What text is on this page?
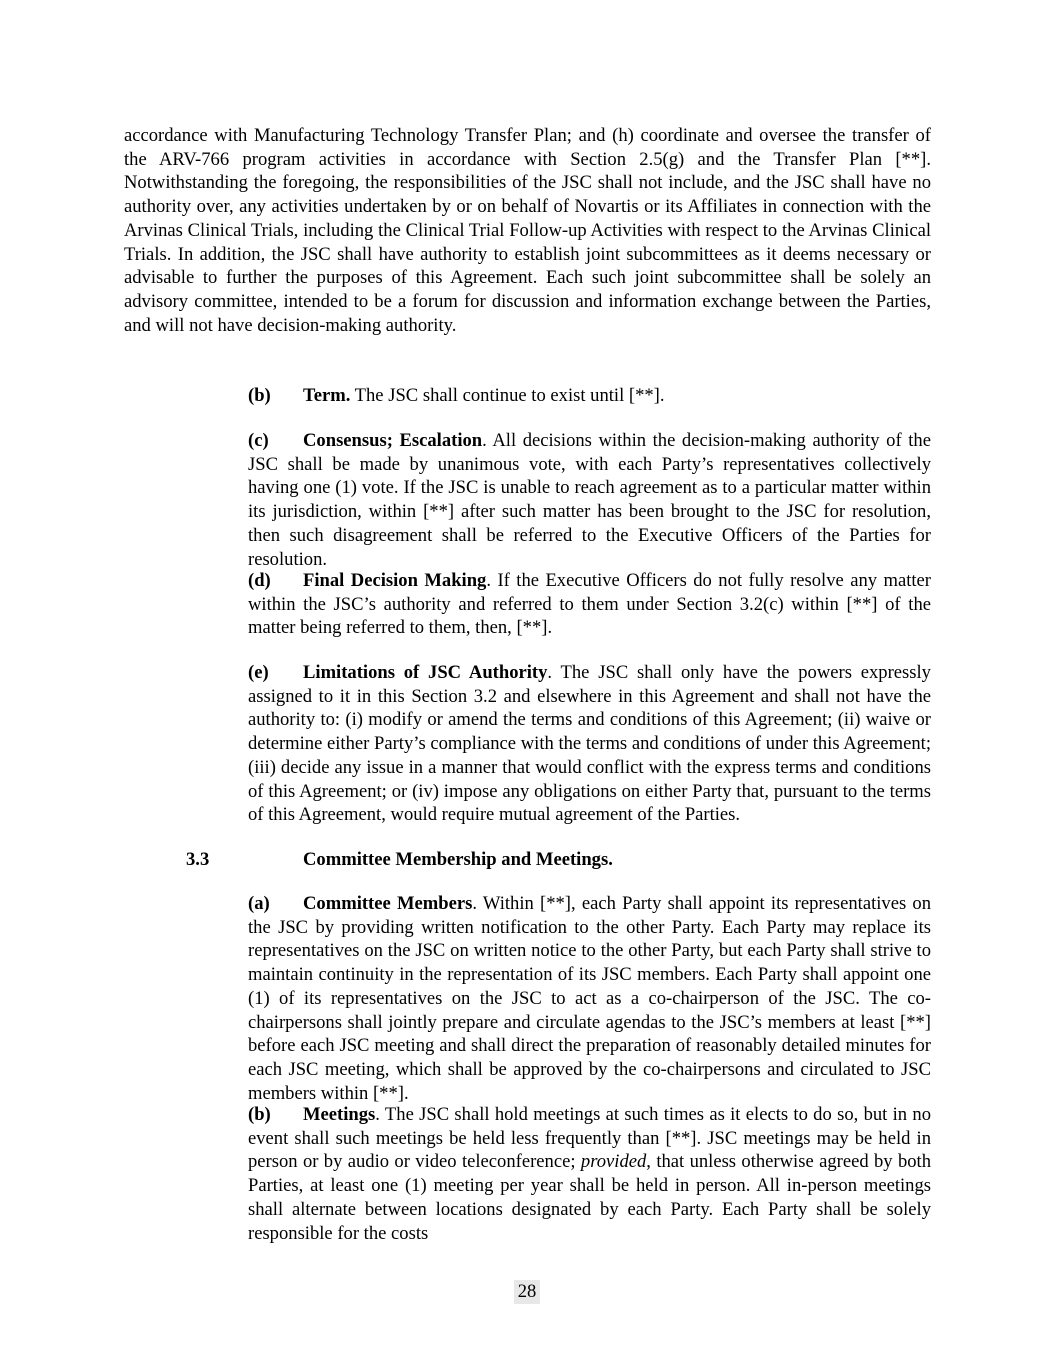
accordance with Manufacturing Technology Transfer Plan; and (h) coordinate and oversee the transfer of the ARV-766 program activities in accordance with Section 2.5(g) and the Transfer Plan [**]. Notwithstanding the foregoing, the responsibilities of the JSC shall not include, and the JSC shall have no authority over, any activities undertaken by or on behalf of Novartis or its Affiliates in connection with the Arvinas Clinical Trials, including the Clinical Trial Follow-up Activities with respect to the Arvinas Clinical Trials. In addition, the JSC shall have authority to establish joint subcommittees as it deems necessary or advisable to further the purposes of this Agreement. Each such joint subcommittee shall be solely an advisory committee, intended to be a forum for discussion and information exchange between the Parties, and will not have decision-making authority.

(b) Term. The JSC shall continue to exist until [**].

(c) Consensus; Escalation. All decisions within the decision-making authority of the JSC shall be made by unanimous vote, with each Party’s representatives collectively having one (1) vote. If the JSC is unable to reach agreement as to a particular matter within its jurisdiction, within [**] after such matter has been brought to the JSC for resolution, then such disagreement shall be referred to the Executive Officers of the Parties for resolution.

(d) Final Decision Making. If the Executive Officers do not fully resolve any matter within the JSC’s authority and referred to them under Section 3.2(c) within [**] of the matter being referred to them, then, [**].

(e) Limitations of JSC Authority. The JSC shall only have the powers expressly assigned to it in this Section 3.2 and elsewhere in this Agreement and shall not have the authority to: (i) modify or amend the terms and conditions of this Agreement; (ii) waive or determine either Party’s compliance with the terms and conditions of under this Agreement; (iii) decide any issue in a manner that would conflict with the express terms and conditions of this Agreement; or (iv) impose any obligations on either Party that, pursuant to the terms of this Agreement, would require mutual agreement of the Parties.

3.3	Committee Membership and Meetings.

(a) Committee Members. Within [**], each Party shall appoint its representatives on the JSC by providing written notification to the other Party. Each Party may replace its representatives on the JSC on written notice to the other Party, but each Party shall strive to maintain continuity in the representation of its JSC members. Each Party shall appoint one (1) of its representatives on the JSC to act as a co-chairperson of the JSC. The co-chairpersons shall jointly prepare and circulate agendas to the JSC’s members at least [**] before each JSC meeting and shall direct the preparation of reasonably detailed minutes for each JSC meeting, which shall be approved by the co-chairpersons and circulated to JSC members within [**].

(b) Meetings. The JSC shall hold meetings at such times as it elects to do so, but in no event shall such meetings be held less frequently than [**]. JSC meetings may be held in person or by audio or video teleconference; provided, that unless otherwise agreed by both Parties, at least one (1) meeting per year shall be held in person. All in-person meetings shall alternate between locations designated by each Party. Each Party shall be solely responsible for the costs

28
